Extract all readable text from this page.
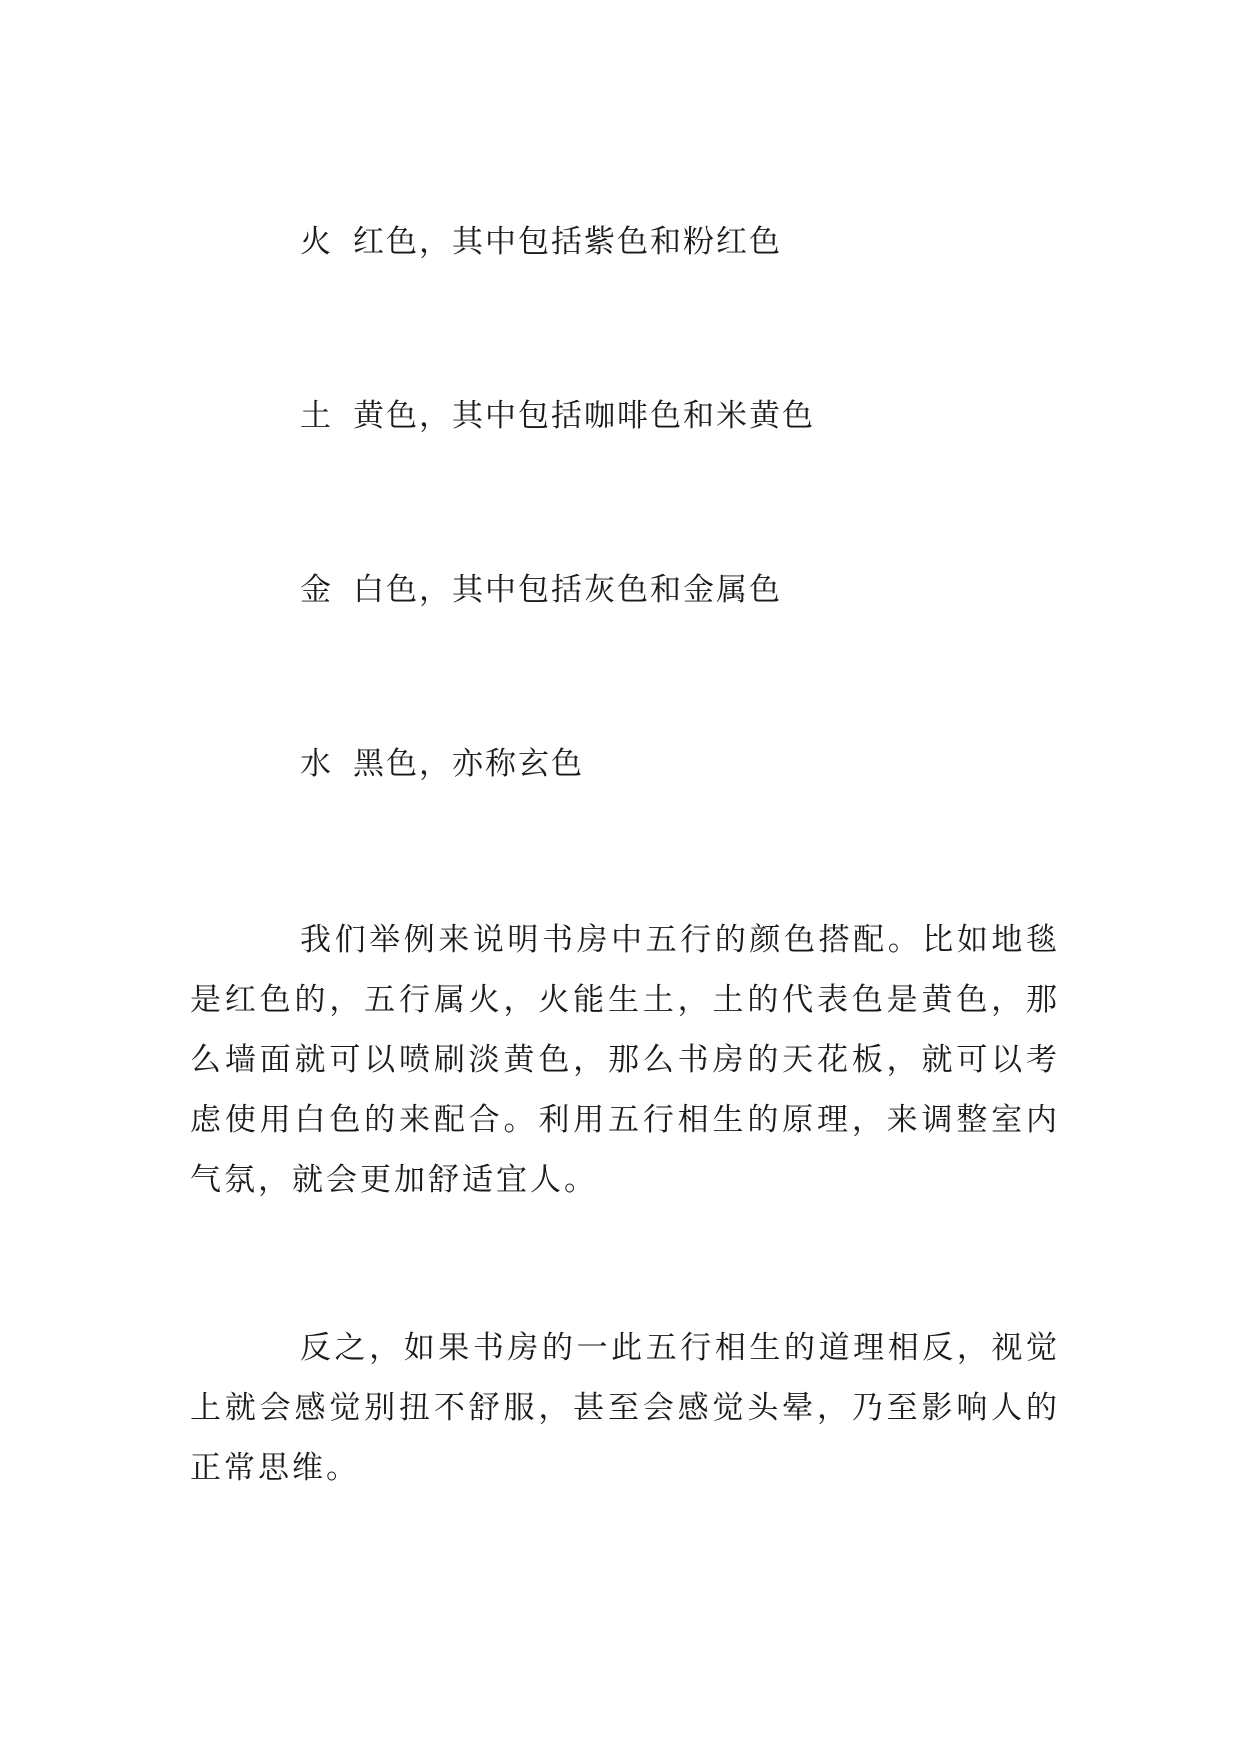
火 红色，其中包括紫色和粉红色
土 黄色，其中包括咖啡色和米黄色
金 白色，其中包括灰色和金属色
水 黑色，亦称玄色

我们举例来说明书房中五行的颜色搭配。比如地毯是红色的，五行属火，火能生土，土的代表色是黄色，那么墙面就可以喷刷淡黄色，那么书房的天花板，就可以考虑使用白色的来配合。利用五行相生的原理，来调整室内气氛，就会更加舒适宜人。

反之，如果书房的一此五行相生的道理相反，视觉上就会感觉别扭不舒服，甚至会感觉头晕，乃至影响人的正常思维。
